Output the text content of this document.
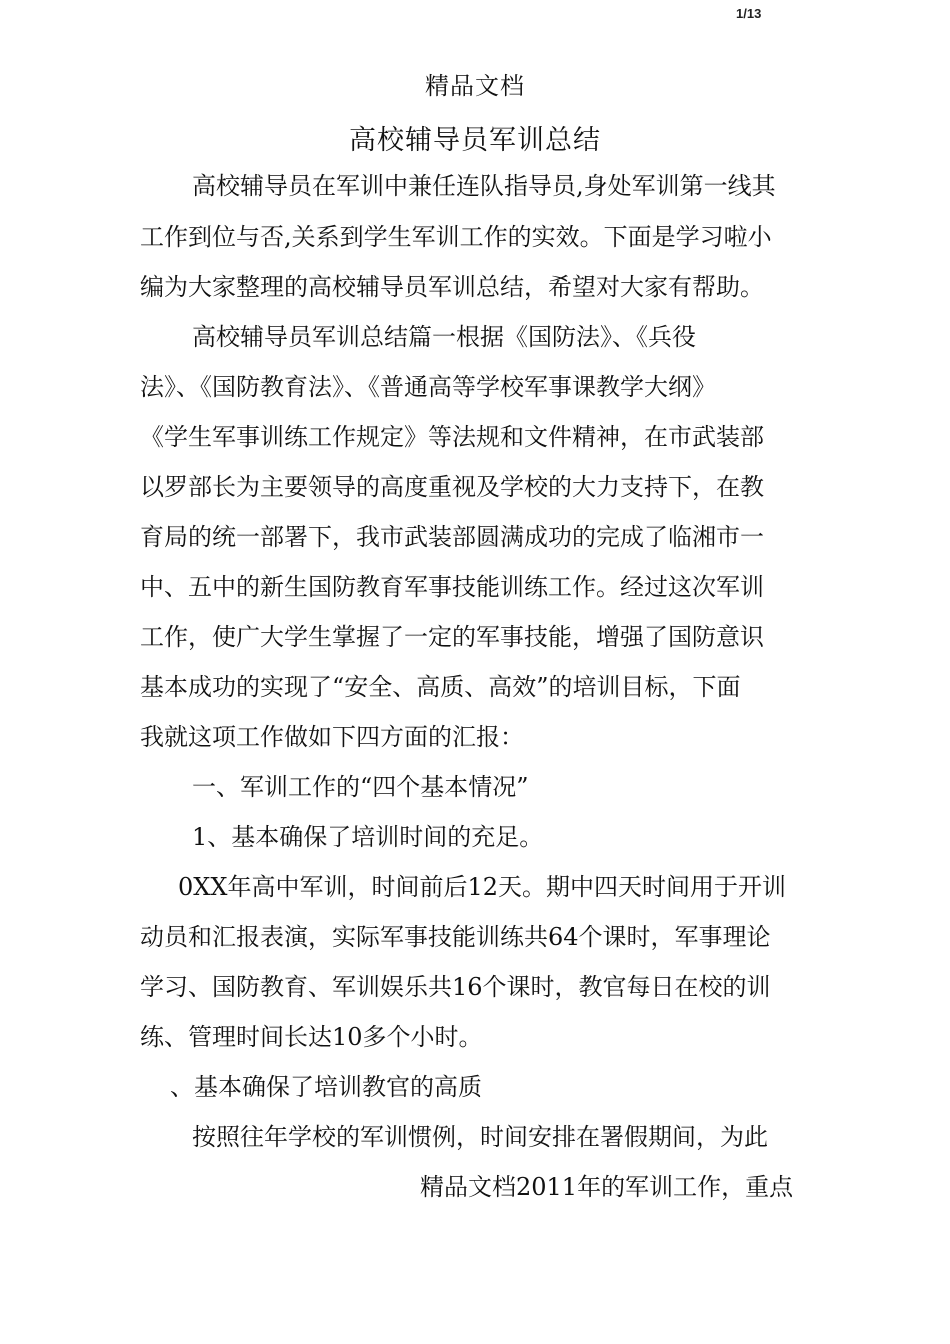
1/13
精品文档
高校辅导员军训总结
高校辅导员在军训中兼任连队指导员,身处军训第一线其
工作到位与否,关系到学生军训工作的实效。下面是学习啦小
编为大家整理的高校辅导员军训总结，希望对大家有帮助。
高校辅导员军训总结篇一根据《国防法》、《兵役
法》、《国防教育法》、《普通高等学校军事课教学大纲》
《学生军事训练工作规定》等法规和文件精神，在市武装部
以罗部长为主要领导的高度重视及学校的大力支持下，在教
育局的统一部署下，我市武装部圆满成功的完成了临湘市一
中、五中的新生国防教育军事技能训练工作。经过这次军训
工作，使广大学生掌握了一定的军事技能，增强了国防意识
基本成功的实现了“安全、高质、高效”的培训目标，下面
我就这项工作做如下四方面的汇报：
一、军训工作的“四个基本情况”
1、基本确保了培训时间的充足。
0XX年高中军训，时间前后12天。期中四天时间用于开训
动员和汇报表演，实际军事技能训练共64个课时，军事理论
学习、国防教育、军训娱乐共16个课时，教官每日在校的训
练、管理时间长达10多个小时。
、基本确保了培训教官的高质
按照往年学校的军训惯例，时间安排在署假期间，为此
精品文档2011年的军训工作，重点
